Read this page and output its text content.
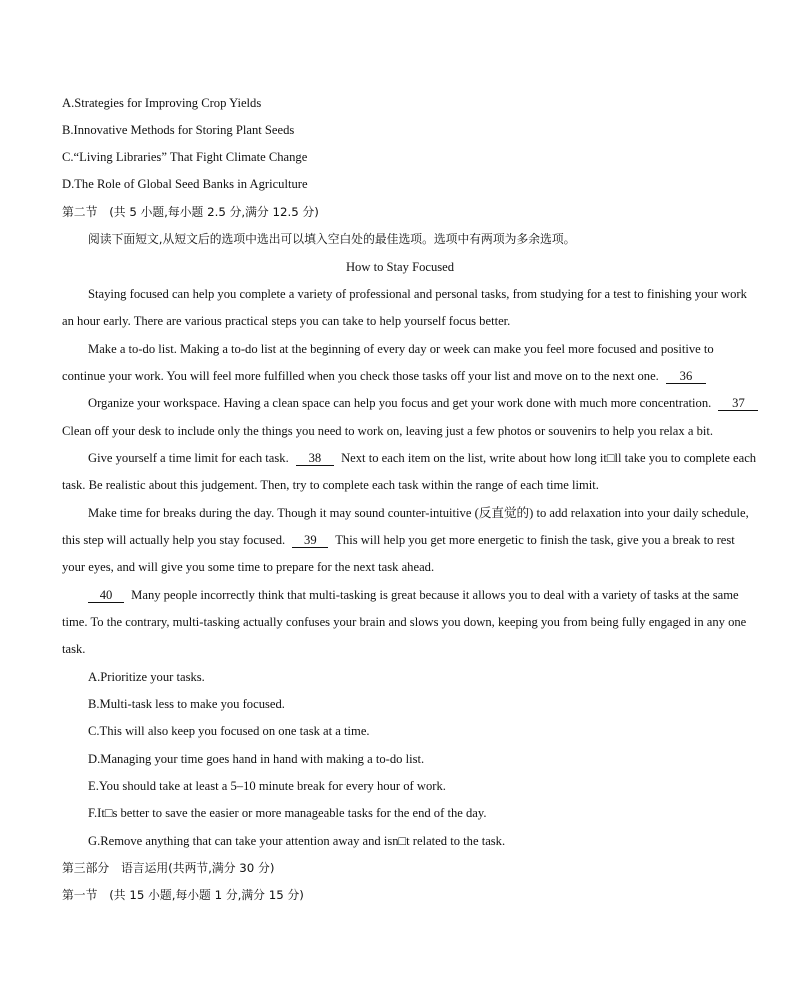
A.Strategies for Improving Crop Yields

B.Innovative Methods for Storing Plant Seeds

C.“Living Libraries” That Fight Climate Change

D.The Role of Global Seed Banks in Agriculture

第二节　(共 5 小题,每小题 2.5 分,满分 12.5 分)

阅读下面短文,从短文后的选项中选出可以填入空白处的最佳选项。选项中有两项为多余选项。

How to Stay Focused

Staying focused can help you complete a variety of professional and personal tasks, from studying for a test to finishing your work

an hour early. There are various practical steps you can take to help yourself focus better.

Make a to-do list. Making a to-do list at the beginning of every day or week can make you feel more focused and positive to

continue your work. You will feel more fulfilled when you check those tasks off your list and move on to the next one. 36

Organize your workspace. Having a clean space can help you focus and get your work done with much more concentration. 37

Clean off your desk to include only the things you need to work on, leaving just a few photos or souvenirs to help you relax a bit.

Give yourself a time limit for each task. 38 Next to each item on the list, write about how long it□ll take you to complete each

task. Be realistic about this judgement. Then, try to complete each task within the range of each time limit.

Make time for breaks during the day. Though it may sound counter-intuitive (反直觉的) to add relaxation into your daily schedule,

this step will actually help you stay focused. 39 This will help you get more energetic to finish the task, give you a break to rest

your eyes, and will give you some time to prepare for the next task ahead.

40 Many people incorrectly think that multi-tasking is great because it allows you to deal with a variety of tasks at the same

time. To the contrary, multi-tasking actually confuses your brain and slows you down, keeping you from being fully engaged in any one

task.

A.Prioritize your tasks.

B.Multi-task less to make you focused.

C.This will also keep you focused on one task at a time.

D.Managing your time goes hand in hand with making a to-do list.

E.You should take at least a 5–10 minute break for every hour of work.

F.It□s better to save the easier or more manageable tasks for the end of the day.

G.Remove anything that can take your attention away and isn□t related to the task.

第三部分　语言运用(共两节,满分 30 分)

第一节　(共 15 小题,每小题 1 分,满分 15 分)
